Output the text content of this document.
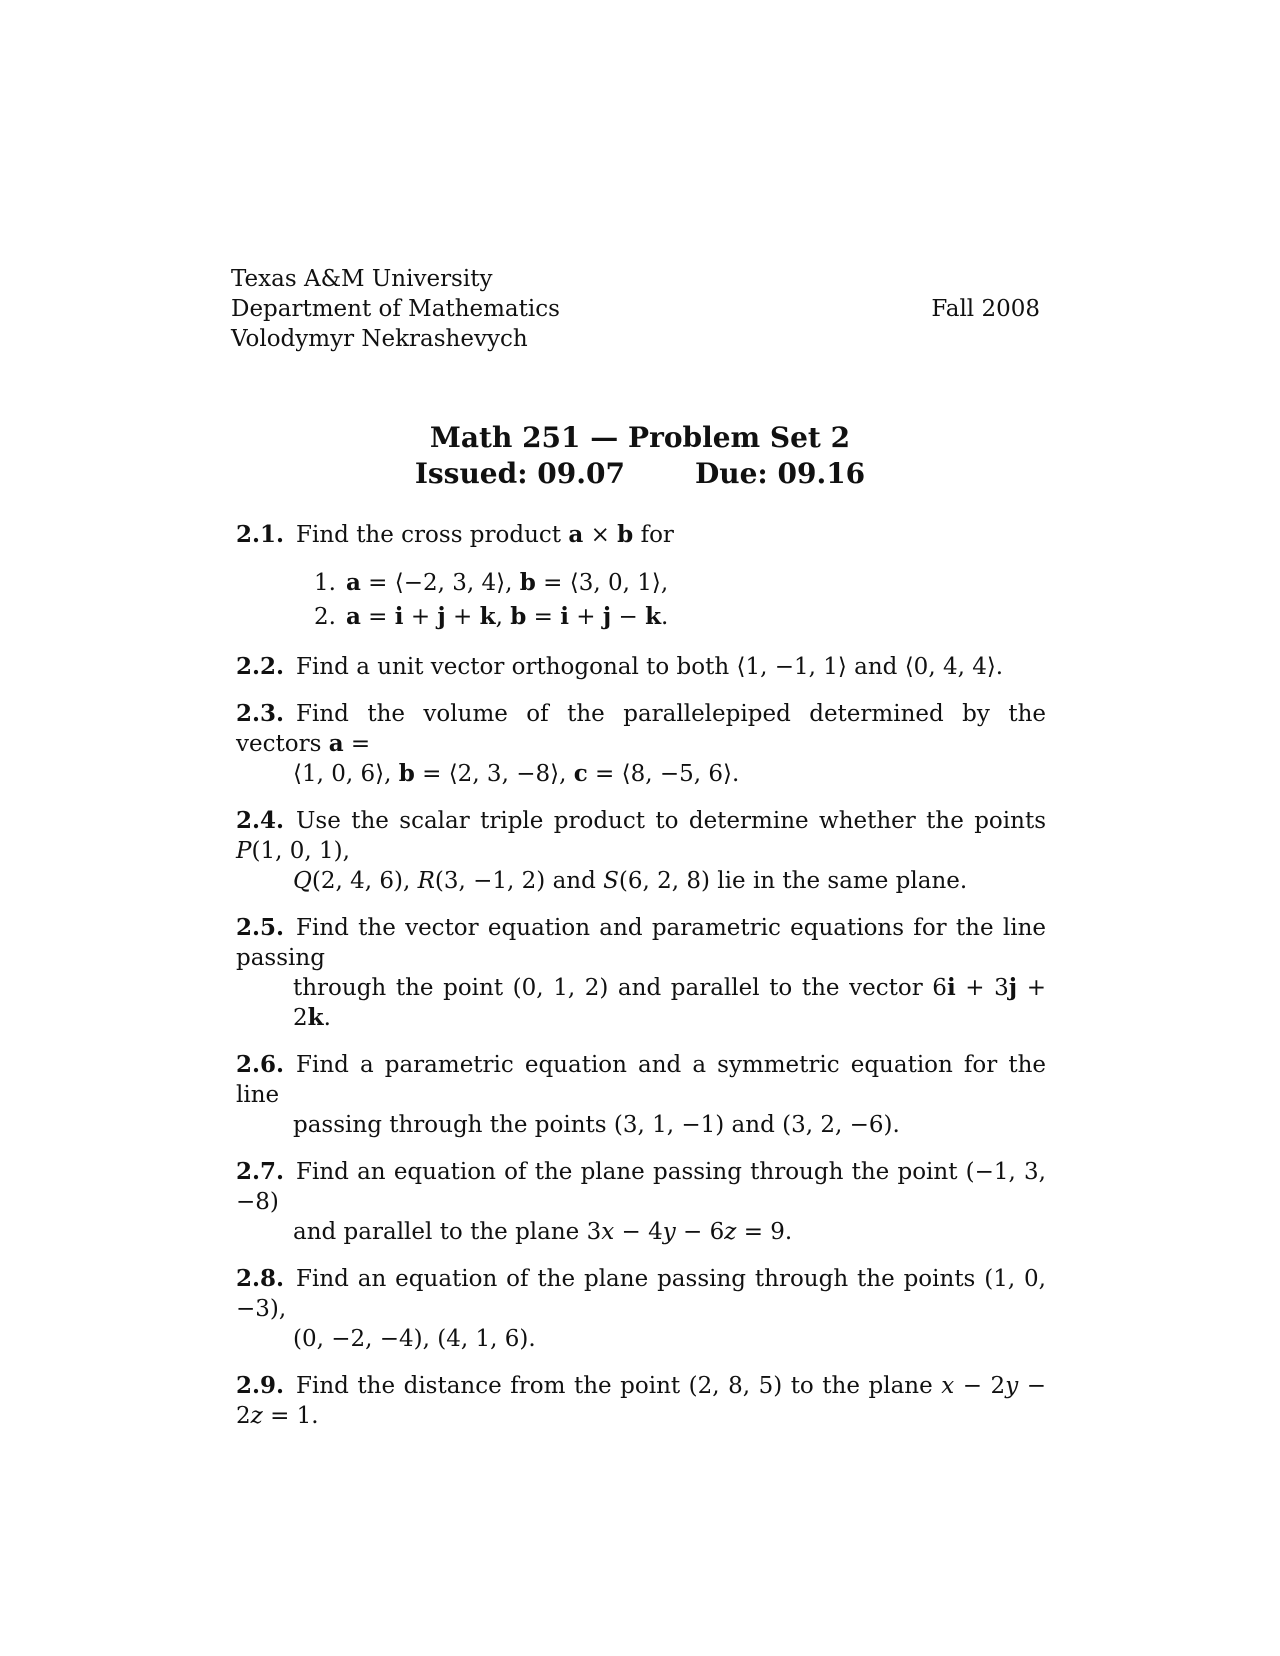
Texas A&M University
Department of Mathematics
Volodymyr Nekrashevych
Fall 2008
Math 251 — Problem Set 2
Issued: 09.07	Due: 09.16
2.1. Find the cross product a × b for
1. a = ⟨−2, 3, 4⟩, b = ⟨3, 0, 1⟩,
2. a = i + j + k, b = i + j − k.
2.2. Find a unit vector orthogonal to both ⟨1, −1, 1⟩ and ⟨0, 4, 4⟩.
2.3. Find the volume of the parallelepiped determined by the vectors a =
⟨1, 0, 6⟩, b = ⟨2, 3, −8⟩, c = ⟨8, −5, 6⟩.
2.4. Use the scalar triple product to determine whether the points P(1, 0, 1),
Q(2, 4, 6), R(3, −1, 2) and S(6, 2, 8) lie in the same plane.
2.5. Find the vector equation and parametric equations for the line passing
through the point (0, 1, 2) and parallel to the vector 6i + 3j + 2k.
2.6. Find a parametric equation and a symmetric equation for the line
passing through the points (3, 1, −1) and (3, 2, −6).
2.7. Find an equation of the plane passing through the point (−1, 3, −8)
and parallel to the plane 3x − 4y − 6z = 9.
2.8. Find an equation of the plane passing through the points (1, 0, −3),
(0, −2, −4), (4, 1, 6).
2.9. Find the distance from the point (2, 8, 5) to the plane x − 2y − 2z = 1.
